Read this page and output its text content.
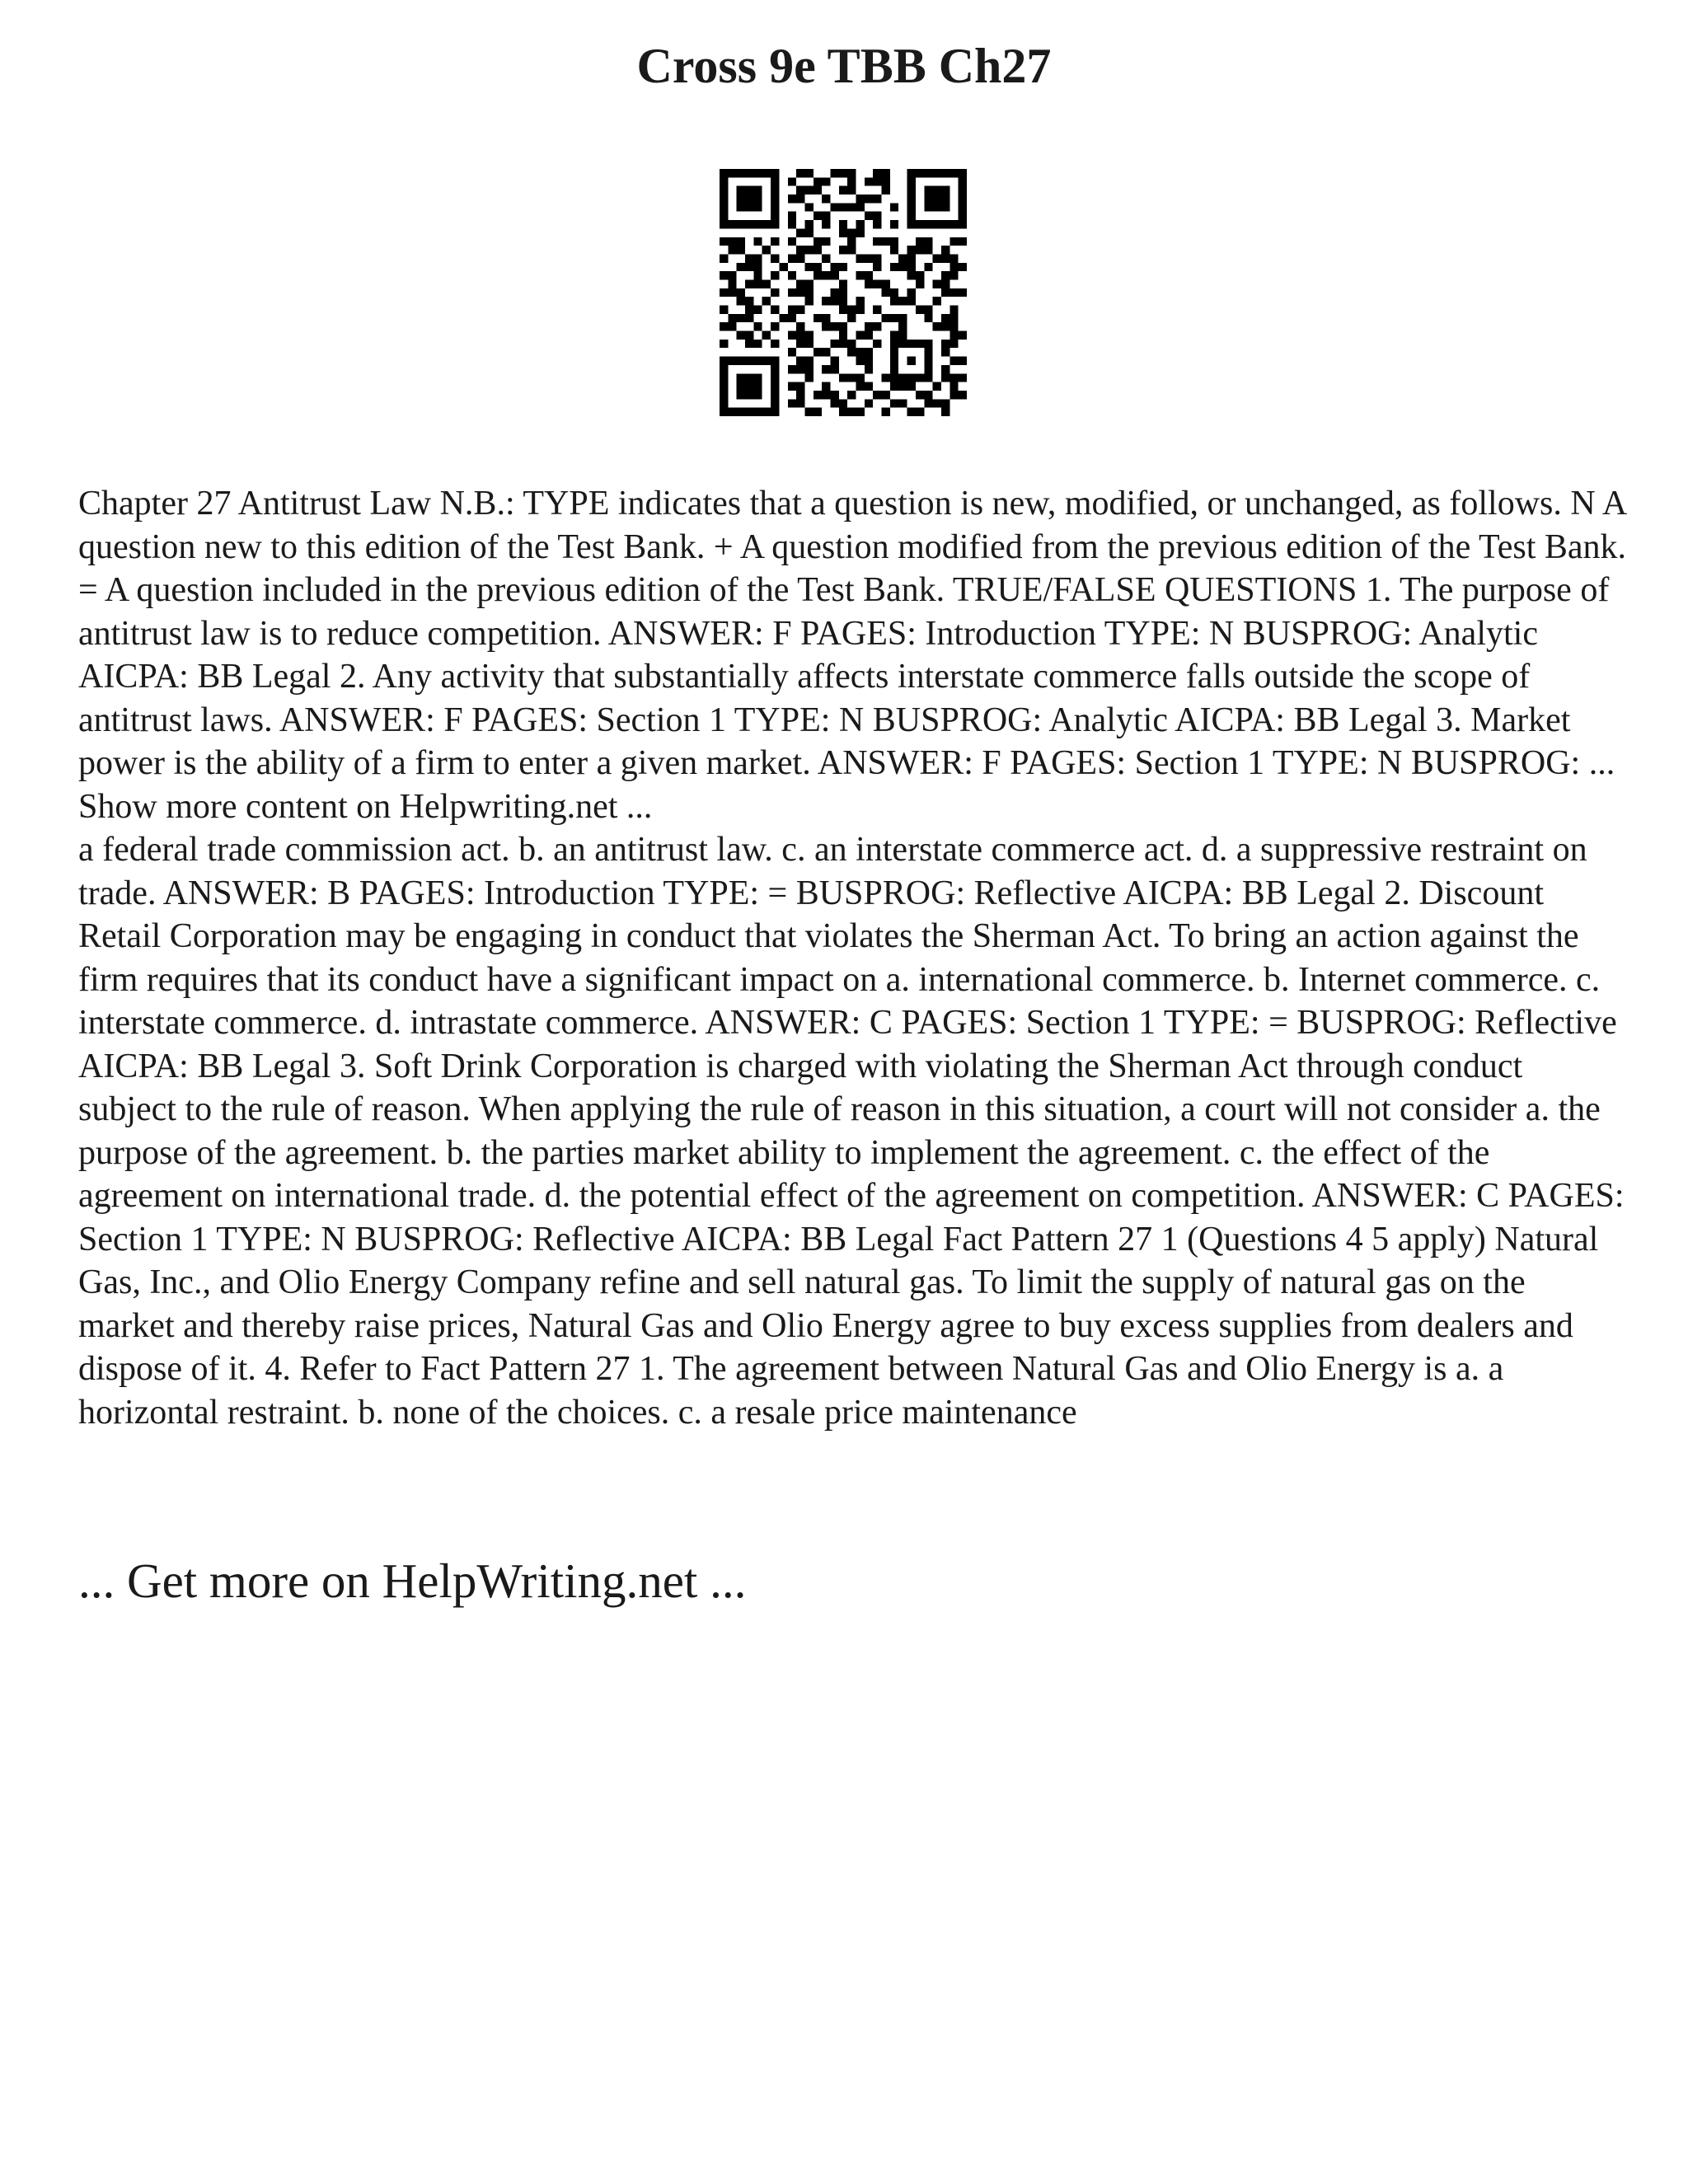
Cross 9e TBB Ch27

Chapter 27 Antitrust Law N.B.: TYPE indicates that a question is new, modified, or unchanged, as follows. N A question new to this edition of the Test Bank. + A question modified from the previous edition of the Test Bank. = A question included in the previous edition of the Test Bank. TRUE/FALSE QUESTIONS 1. The purpose of antitrust law is to reduce competition. ANSWER: F PAGES: Introduction TYPE: N BUSPROG: Analytic AICPA: BB Legal 2. Any activity that substantially affects interstate commerce falls outside the scope of antitrust laws. ANSWER: F PAGES: Section 1 TYPE: N BUSPROG: Analytic AICPA: BB Legal 3. Market power is the ability of a firm to enter a given market. ANSWER: F PAGES: Section 1 TYPE: N BUSPROG: ... Show more content on Helpwriting.net ...

a federal trade commission act. b. an antitrust law. c. an interstate commerce act. d. a suppressive restraint on trade. ANSWER: B PAGES: Introduction TYPE: = BUSPROG: Reflective AICPA: BB Legal 2. Discount Retail Corporation may be engaging in conduct that violates the Sherman Act. To bring an action against the firm requires that its conduct have a significant impact on a. international commerce. b. Internet commerce. c. interstate commerce. d. intrastate commerce. ANSWER: C PAGES: Section 1 TYPE: = BUSPROG: Reflective AICPA: BB Legal 3. Soft Drink Corporation is charged with violating the Sherman Act through conduct subject to the rule of reason. When applying the rule of reason in this situation, a court will not consider a. the purpose of the agreement. b. the parties market ability to implement the agreement. c. the effect of the agreement on international trade. d. the potential effect of the agreement on competition. ANSWER: C PAGES: Section 1 TYPE: N BUSPROG: Reflective AICPA: BB Legal Fact Pattern 27 1 (Questions 4 5 apply) Natural Gas, Inc., and Olio Energy Company refine and sell natural gas. To limit the supply of natural gas on the market and thereby raise prices, Natural Gas and Olio Energy agree to buy excess supplies from dealers and dispose of it. 4. Refer to Fact Pattern 27 1. The agreement between Natural Gas and Olio Energy is a. a horizontal restraint. b. none of the choices. c. a resale price maintenance

... Get more on HelpWriting.net ...
